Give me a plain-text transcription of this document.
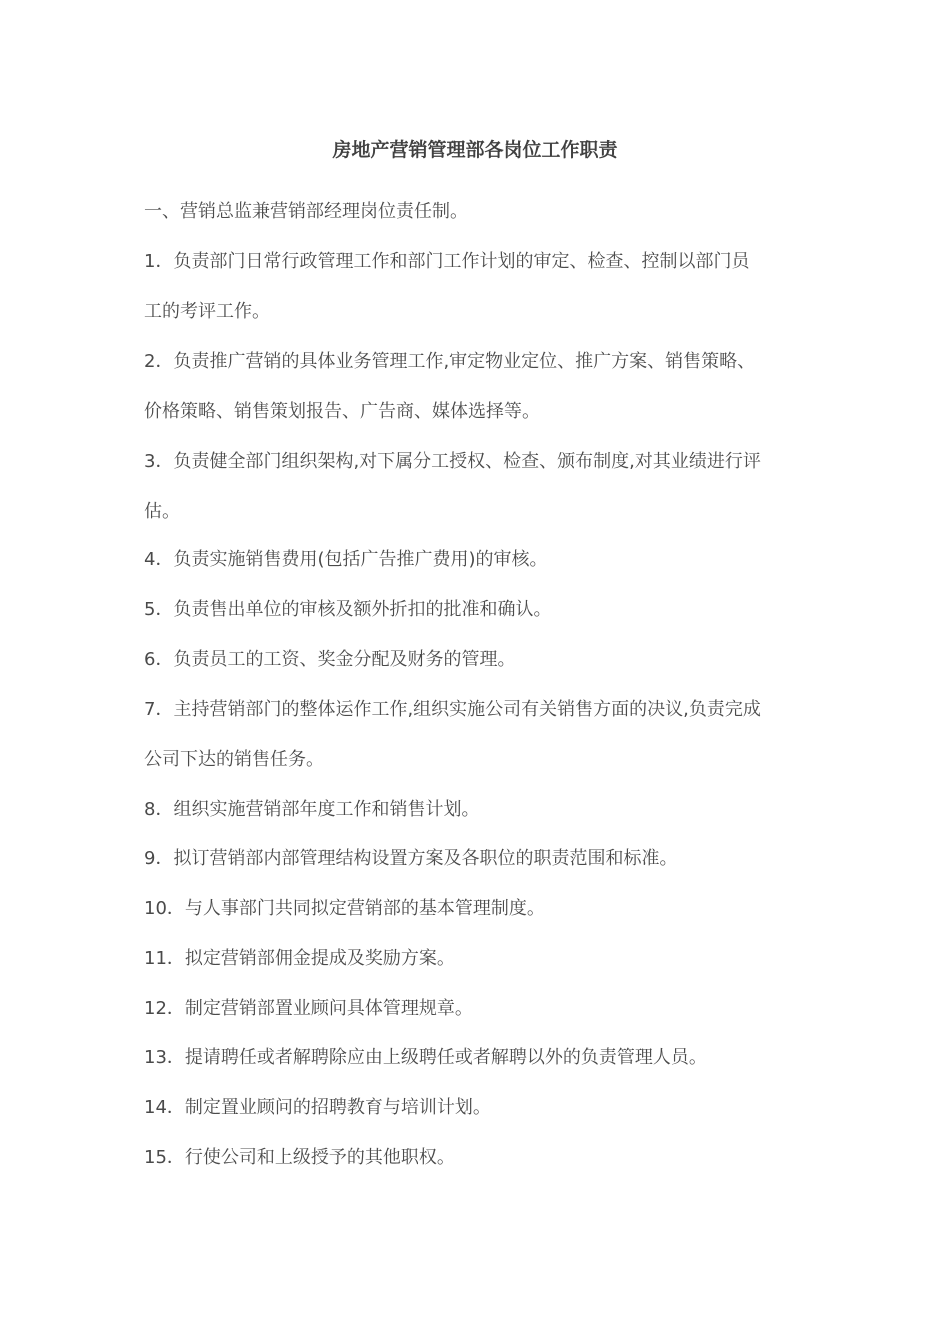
房地产营销管理部各岗位工作职责
一、营销总监兼营销部经理岗位责任制。
1．负责部门日常行政管理工作和部门工作计划的审定、检查、控制以部门员
工的考评工作。
2．负责推广营销的具体业务管理工作,审定物业定位、推广方案、销售策略、
价格策略、销售策划报告、广告商、媒体选择等。
3．负责健全部门组织架构,对下属分工授权、检查、颁布制度,对其业绩进行评
估。
4．负责实施销售费用(包括广告推广费用)的审核。
5．负责售出单位的审核及额外折扣的批准和确认。
6．负责员工的工资、奖金分配及财务的管理。
7．主持营销部门的整体运作工作,组织实施公司有关销售方面的决议,负责完成
公司下达的销售任务。
8．组织实施营销部年度工作和销售计划。
9．拟订营销部内部管理结构设置方案及各职位的职责范围和标准。
10．与人事部门共同拟定营销部的基本管理制度。
11．拟定营销部佣金提成及奖励方案。
12．制定营销部置业顾问具体管理规章。
13．提请聘任或者解聘除应由上级聘任或者解聘以外的负责管理人员。
14．制定置业顾问的招聘教育与培训计划。
15．行使公司和上级授予的其他职权。
